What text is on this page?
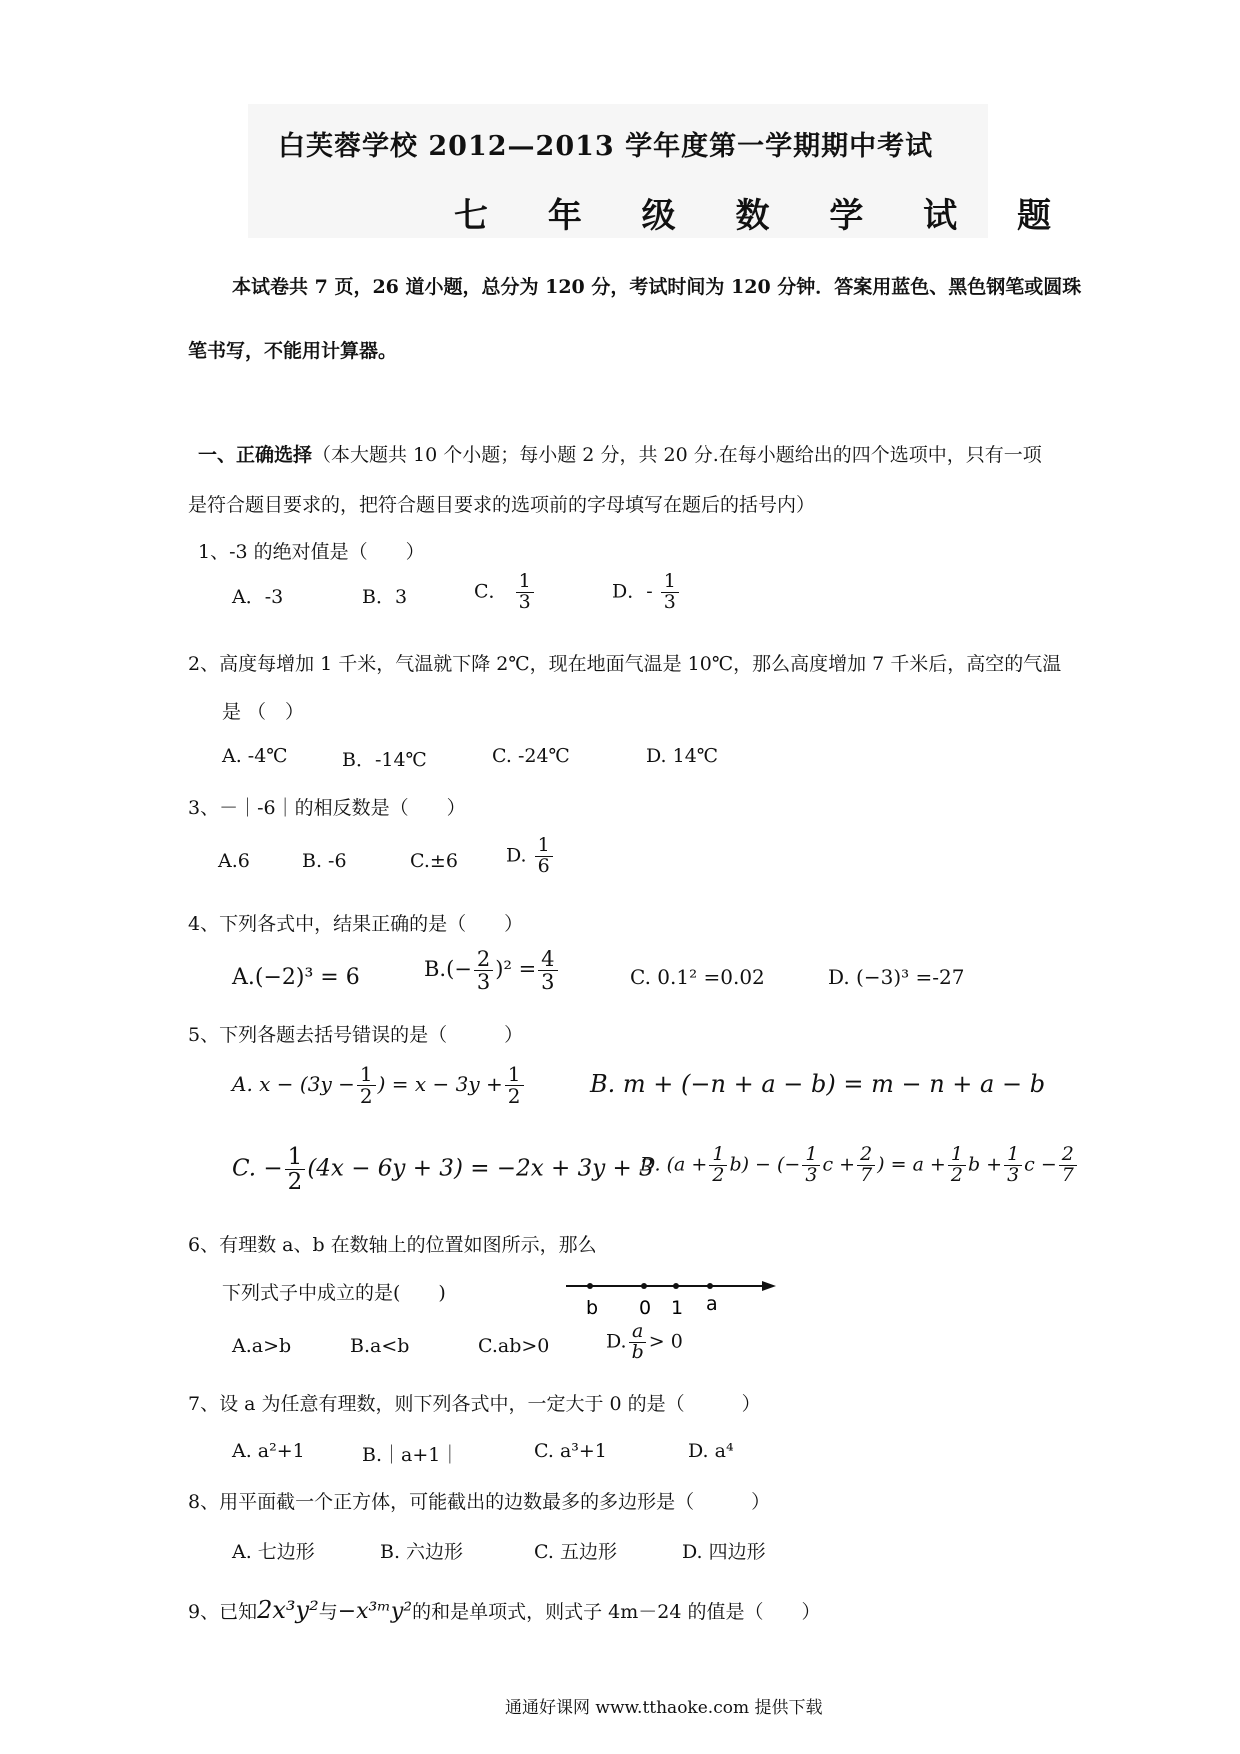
白芙蓉学校 2012—2013 学年度第一学期期中考试
七 年 级 数 学 试 题
本试卷共 7 页，26 道小题，总分为 120 分，考试时间为 120 分钟．答案用蓝色、黑色钢笔或圆珠
笔书写，不能用计算器。
一、正确选择（本大题共 10 个小题；每小题 2 分，共 20 分.在每小题给出的四个选项中，只有一项
是符合题目要求的，把符合题目要求的选项前的字母填写在题后的括号内）
1、-3 的绝对值是（　　）
A．-3	B．3	C． $\frac{1}{3}$	D．- $\frac{1}{3}$
2、高度每增加 1 千米，气温就下降 2℃，现在地面气温是 10℃，那么高度增加 7 千米后，高空的气温
是 （　）
A. -4℃	B．-14℃	C. -24℃	D. 14℃
3、－｜-6｜的相反数是（　　）
A.6	B. -6	C.±6	D. $\frac{1}{6}$
4、下列各式中，结果正确的是（　　）
A.(−2)³ = 6	$B.(- \frac{2}{3} )^2 = \frac{4}{3}$	C. 0.1² =0.02	D. (−3)³ =-27
5、下列各题去括号错误的是（　　　）
A. $x - (3y - \frac{1}{2}$ ) = $x - 3y + \frac{1}{2}$	B. m + (−n + a − b) = m − n + a − b
C. − $\frac{1}{2} (4x - 6y + 3) = -2x + 3y + 3$
D. $(a + \frac{1}{2} b)$ − (− $\frac{1}{3}$ $c + \frac{2}{7}$ ) = $a + \frac{1}{2}$ $b + \frac{1}{3}$ $c - \frac{2}{7}$
6、有理数 a、b 在数轴上的位置如图所示，那么
下列式子中成立的是(　　)
b 0 1 a
A.a>b	B.a<b	C.ab>0	D. $\frac{a}{b} > 0$
7、设 a 为任意有理数，则下列各式中，一定大于 0 的是（　　　）
A. a²+1	B.｜a+1｜	C. a³+1	D. a⁴
8、用平面截一个正方体，可能截出的边数最多的多边形是（　　　）
A. 七边形	B. 六边形	C. 五边形	D. 四边形
9、已知2x³y²与−x³ᵐy²的和是单项式，则式子 4m－24 的值是（　　）
通通好课网 www.tthaoke.com 提供下载
